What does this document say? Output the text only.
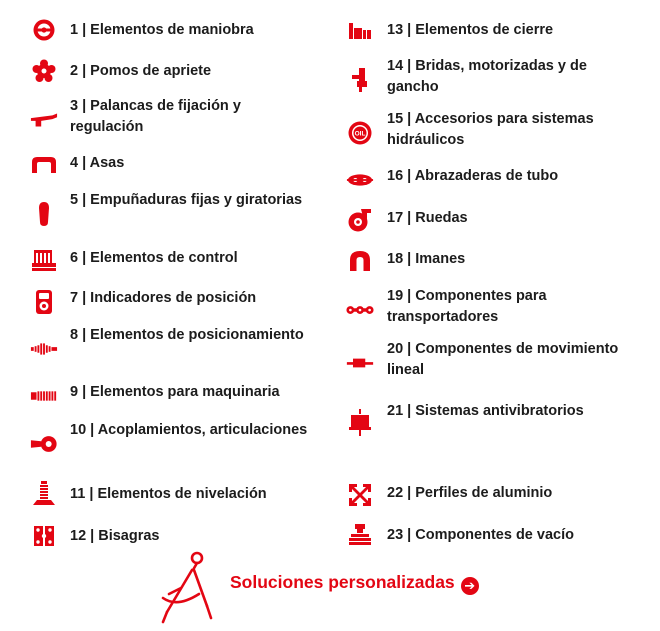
1 | Elementos de maniobra
2 | Pomos de apriete
3 | Palancas de fijación y regulación
4 | Asas
5 | Empuñaduras fijas y giratorias
6 | Elementos de control
7 | Indicadores de posición
8 | Elementos de posicionamiento
9 | Elementos para maquinaria
10 | Acoplamientos, articulaciones
11 | Elementos de nivelación
12 | Bisagras
13 | Elementos de cierre
14 | Bridas, motorizadas y de gancho
OIL
15 | Accesorios para sistemas hidráulicos
16 | Abrazaderas de tubo
17 | Ruedas
18 | Imanes
19 | Componentes para transportadores
20 | Componentes de movimiento lineal
21 | Sistemas antivibratorios
22 | Perfiles de aluminio
23 | Componentes de vacío
Soluciones personalizadas ➔
